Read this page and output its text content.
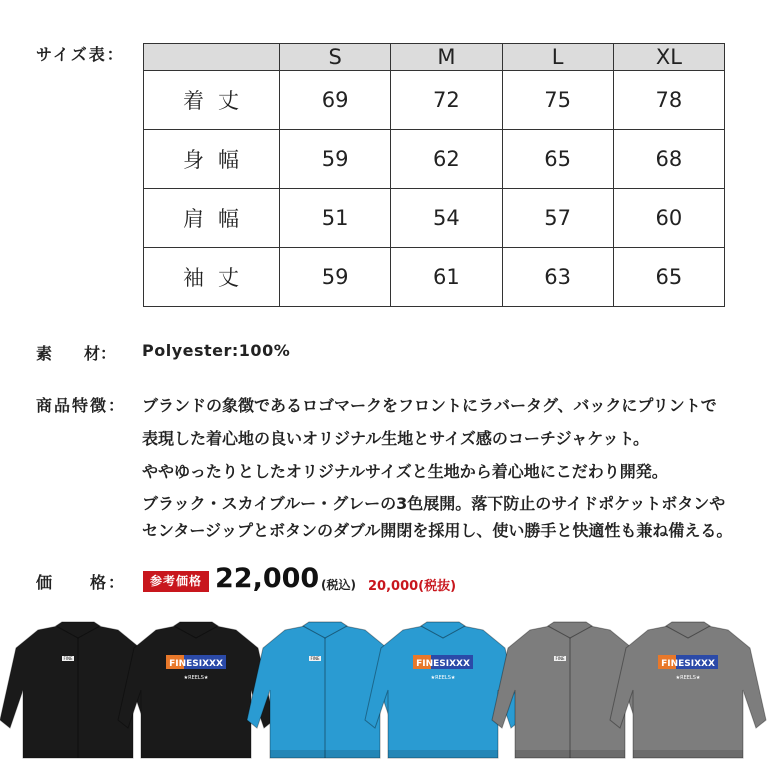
サイズ表：
		S	M	L	XL
着丈	69	72	75	78
身幅	59	62	65	68
肩幅	51	54	57	60
袖丈	59	61	63	65
素　　材： Polyester:100%
商品特徴： ブランドの象徴であるロゴマークをフロントにラバータグ、バックにプリントで
表現した着心地の良いオリジナル生地とサイズ感のコーチジャケット。
ややゆったりとしたオリジナルサイズと生地から着心地にこだわり開発。
ブラック・スカイブルー・グレーの3色展開。落下防止のサイドポケットボタンや
センタージップとボタンのダブル開閉を採用し、使い勝手と快適性も兼ね備える。
価　　格：	参考価格 22,000 (税込) 20,000(税抜)
FINE
FINESIXXX
★REELS★
FINE
FINESIXXX
★REELS★
FINE
FINESIXXX
★REELS★
